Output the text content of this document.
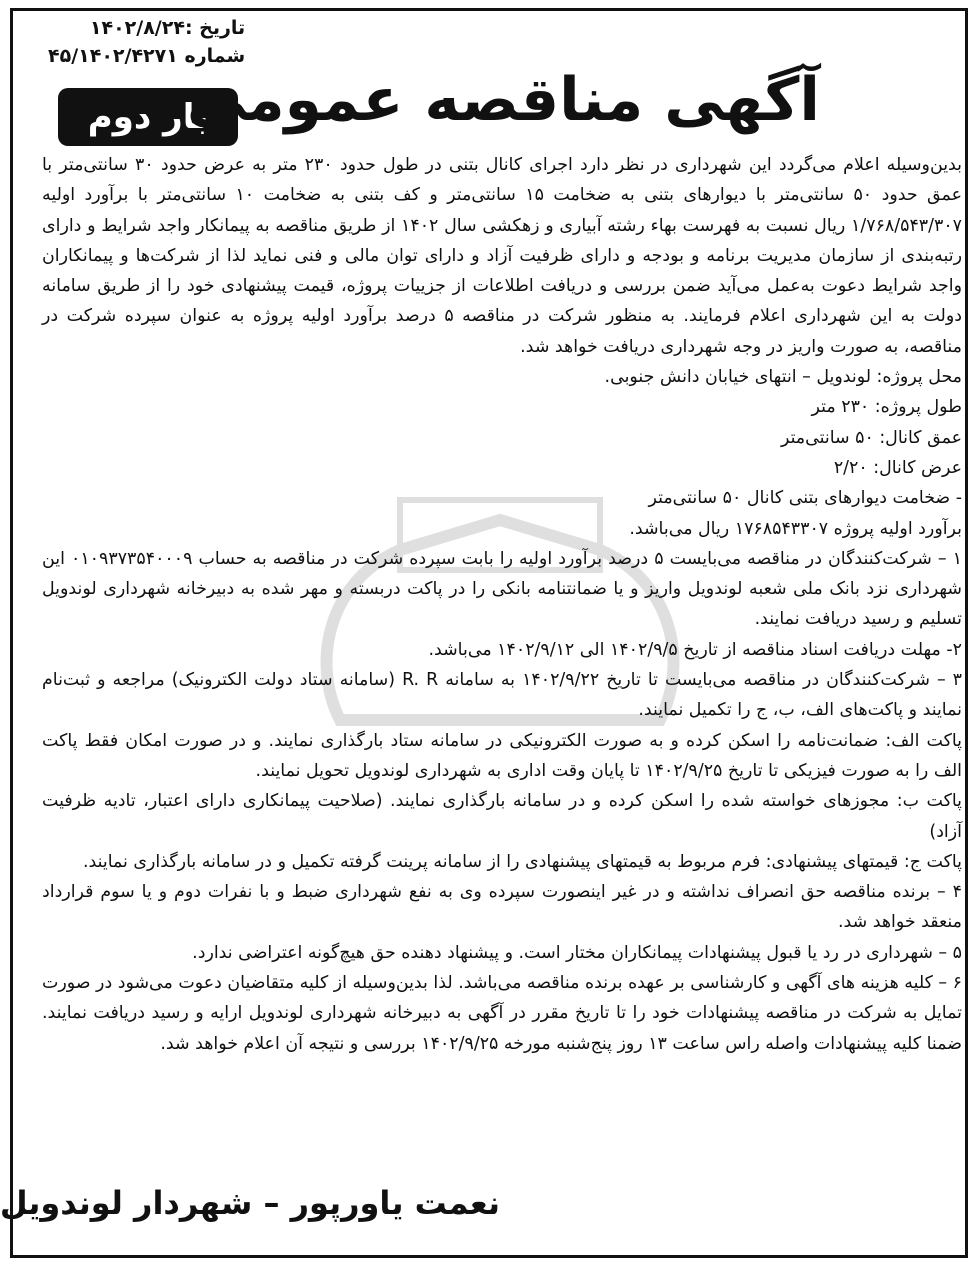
تاریخ :۱۴۰۲/۸/۲۴
شماره ۴۵/۱۴۰۲/۴۲۷۱
بار دوم
آگهی مناقصه عمومی

بدین‌وسیله اعلام می‌گردد این شهرداری در نظر دارد اجرای کانال بتنی در طول حدود ۲۳۰ متر به عرض حدود ۳۰ سانتی‌متر با عمق حدود ۵۰ سانتی‌متر با دیوارهای بتنی به ضخامت ۱۵ سانتی‌متر و کف بتنی به ضخامت ۱۰ سانتی‌متر با برآورد اولیه ۱/۷۶۸/۵۴۳/۳۰۷ ریال نسبت به فهرست بهاء رشته آبیاری و زهکشی سال ۱۴۰۲ از طریق مناقصه به پیمانکار واجد شرایط و دارای رتبه‌بندی از سازمان مدیریت برنامه و بودجه و دارای ظرفیت آزاد و دارای توان مالی و فنی نماید لذا از شرکت‌ها و پیمانکاران واجد شرایط دعوت به‌عمل می‌آید ضمن بررسی و دریافت اطلاعات از جزییات پروژه، قیمت پیشنهادی خود را از طریق سامانه دولت به این شهرداری اعلام فرمایند. به منظور شرکت در مناقصه ۵ درصد برآورد اولیه پروژه به عنوان سپرده شرکت در مناقصه، به صورت واریز در وجه شهرداری دریافت خواهد شد.

محل پروژه: لوندویل – انتهای خیابان دانش جنوبی.

طول پروژه: ۲۳۰ متر

عمق کانال: ۵۰ سانتی‌متر

عرض کانال: ۲/۲۰

- ضخامت دیوارهای بتنی کانال ۵۰ سانتی‌متر

برآورد اولیه پروژه ۱۷۶۸۵۴۳۳۰۷ ریال می‌باشد.

۱ – شرکت‌کنندگان در مناقصه می‌بایست ۵ درصد برآورد اولیه را بابت سپرده شرکت در مناقصه به حساب ۰۱۰۹۳۷۳۵۴۰۰۰۹ این شهرداری نزد بانک ملی شعبه لوندویل واریز و یا ضمانتنامه بانکی را در پاکت دربسته و مهر شده به دبیرخانه شهرداری لوندویل تسلیم و رسید دریافت نمایند.

۲- مهلت دریافت اسناد مناقصه از تاریخ ۱۴۰۲/۹/۵ الی ۱۴۰۲/۹/۱۲ می‌باشد.

۳ – شرکت‌کنندگان در مناقصه می‌بایست تا تاریخ ۱۴۰۲/۹/۲۲ به سامانه R. R (سامانه ستاد دولت الکترونیک) مراجعه و ثبت‌نام نمایند و پاکت‌های الف، ب، ج را تکمیل نمایند.

پاکت الف: ضمانت‌نامه را اسکن کرده و به صورت الکترونیکی در سامانه ستاد بارگذاری نمایند. و در صورت امکان فقط پاکت الف را به صورت فیزیکی تا تاریخ ۱۴۰۲/۹/۲۵ تا پایان وقت اداری به شهرداری لوندویل تحویل نمایند.

پاکت ب: مجوزهای خواسته شده را اسکن کرده و در سامانه بارگذاری نمایند. (صلاحیت پیمانکاری دارای اعتبار، تادیه ظرفیت آزاد)

پاکت ج: قیمتهای پیشنهادی: فرم مربوط به قیمتهای پیشنهادی را از سامانه پرینت گرفته تکمیل و در سامانه بارگذاری نمایند.

۴ – برنده مناقصه حق انصراف نداشته و در غیر اینصورت سپرده وی به نفع شهرداری ضبط و با نفرات دوم و یا سوم قرارداد منعقد خواهد شد.

۵ – شهرداری در رد یا قبول پیشنهادات پیمانکاران مختار است. و پیشنهاد دهنده حق هیچ‌گونه اعتراضی ندارد.

۶ – کلیه هزینه های آگهی و کارشناسی بر عهده برنده مناقصه می‌باشد. لذا بدین‌وسیله از کلیه متقاضیان دعوت می‌شود در صورت تمایل به شرکت در مناقصه پیشنهادات خود را تا تاریخ مقرر در آگهی به دبیرخانه شهرداری لوندویل ارایه و رسید دریافت نمایند. ضمنا کلیه پیشنهادات واصله راس ساعت ۱۳ روز پنج‌شنبه مورخه ۱۴۰۲/۹/۲۵ بررسی و نتیجه آن اعلام خواهد شد.

نعمت یاورپور – شهردار لوندویل
